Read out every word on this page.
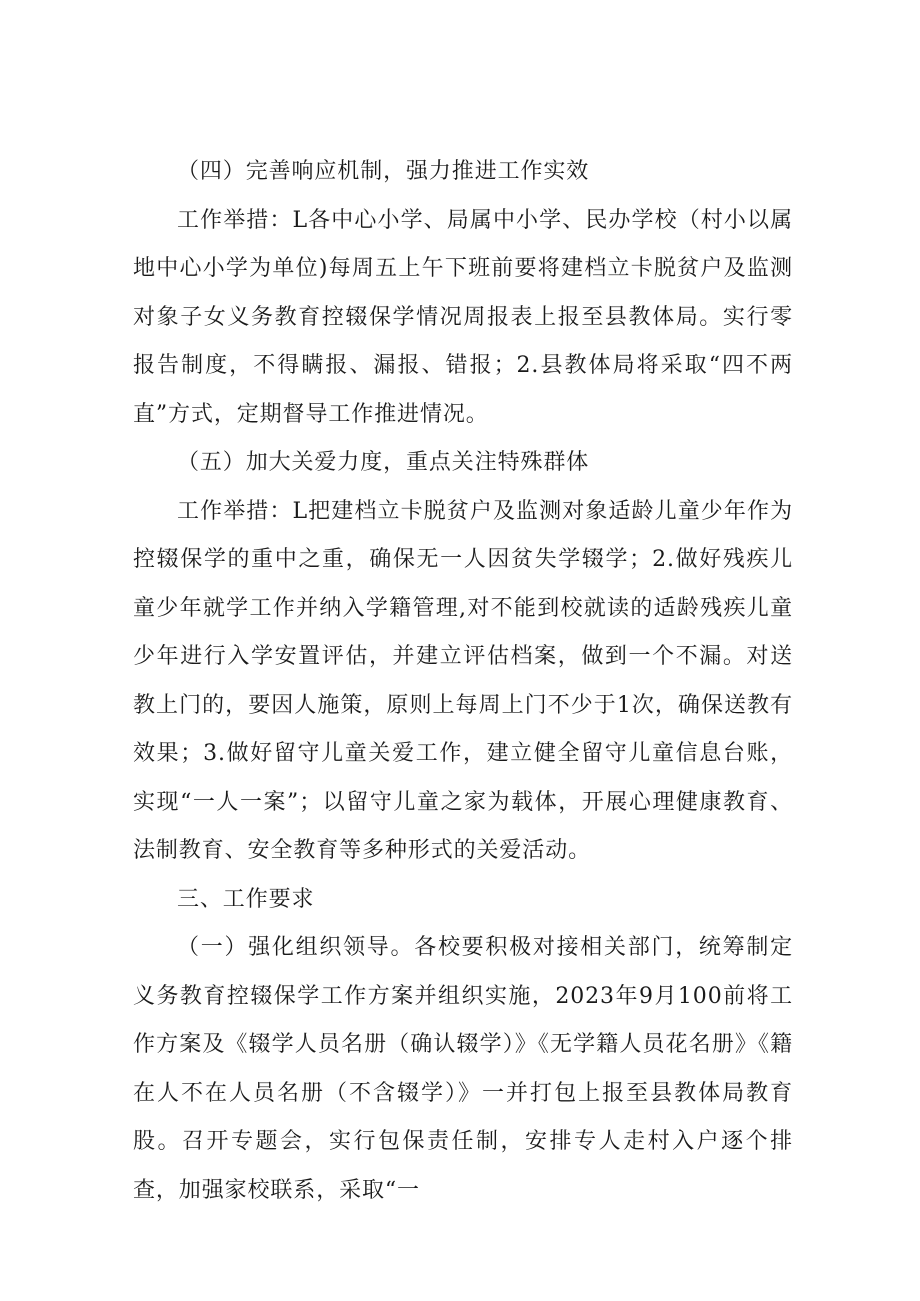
（四）完善响应机制，强力推进工作实效

工作举措：L各中心小学、局属中小学、民办学校（村小以属地中心小学为单位)每周五上午下班前要将建档立卡脱贫户及监测对象子女义务教育控辍保学情况周报表上报至县教体局。实行零报告制度，不得瞒报、漏报、错报；2.县教体局将采取“四不两直”方式，定期督导工作推进情况。

（五）加大关爱力度，重点关注特殊群体

工作举措：L把建档立卡脱贫户及监测对象适龄儿童少年作为控辍保学的重中之重，确保无一人因贫失学辍学；2.做好残疾儿童少年就学工作并纳入学籍管理,对不能到校就读的适龄残疾儿童少年进行入学安置评估，并建立评估档案，做到一个不漏。对送教上门的，要因人施策，原则上每周上门不少于1次，确保送教有效果；3.做好留守儿童关爱工作，建立健全留守儿童信息台账，实现“一人一案”；以留守儿童之家为载体，开展心理健康教育、法制教育、安全教育等多种形式的关爱活动。

三、工作要求

（一）强化组织领导。各校要积极对接相关部门，统筹制定义务教育控辍保学工作方案并组织实施，2023年9月100前将工作方案及《辍学人员名册（确认辍学）》《无学籍人员花名册》《籍在人不在人员名册（不含辍学）》一并打包上报至县教体局教育股。召开专题会，实行包保责任制，安排专人走村入户逐个排查，加强家校联系，采取“一
